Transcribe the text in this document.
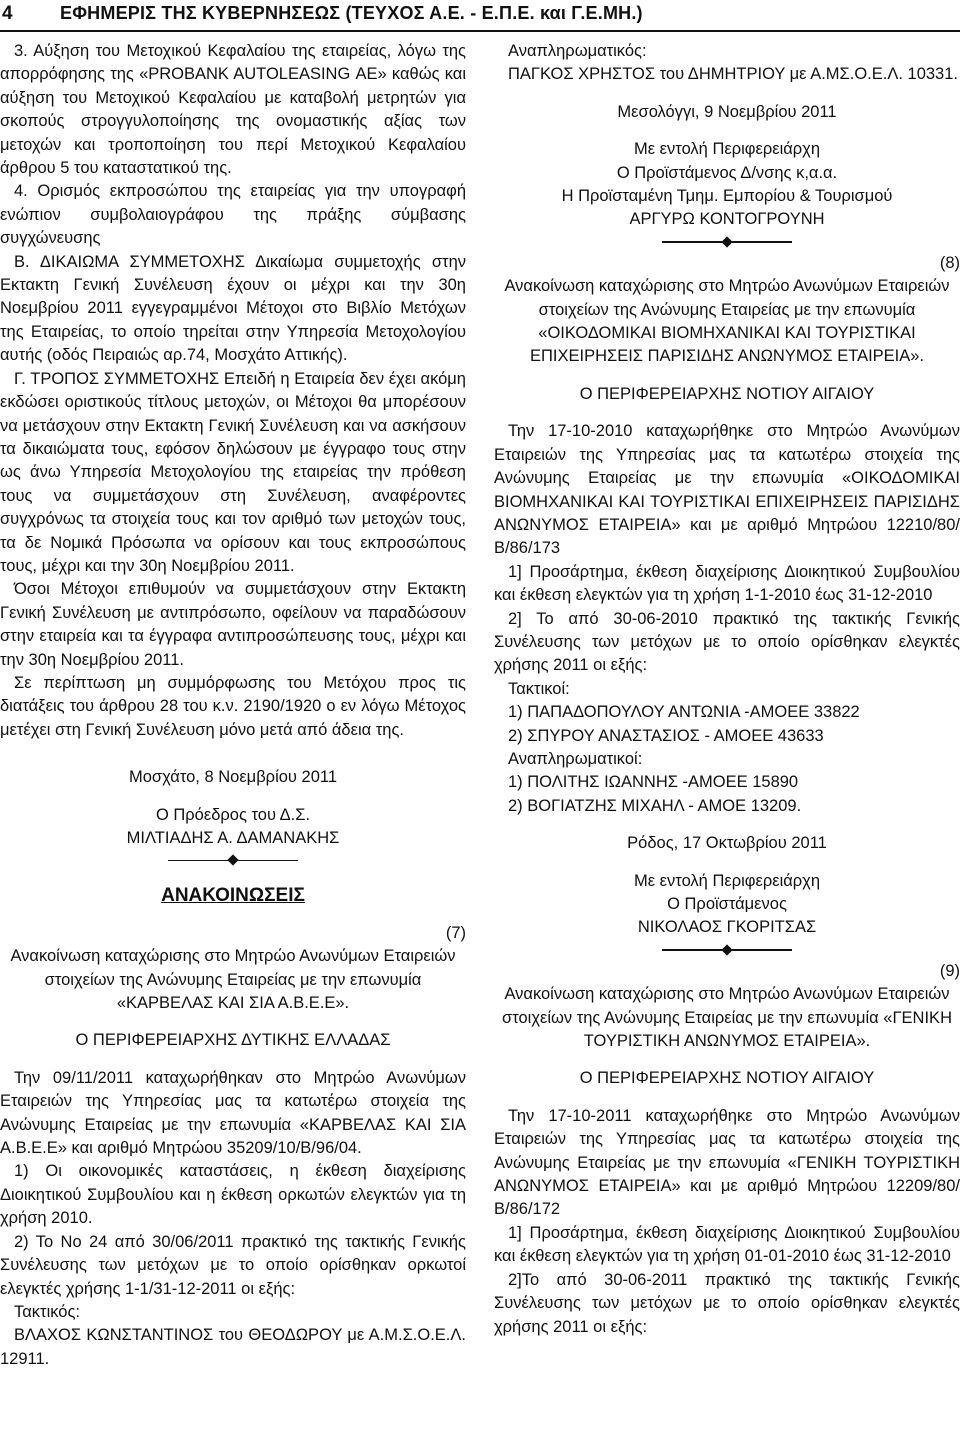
4	ΕΦΗΜΕΡΙΣ ΤΗΣ ΚΥΒΕΡΝΗΣΕΩΣ (ΤΕΥΧΟΣ Α.Ε. - Ε.Π.Ε. και Γ.Ε.ΜΗ.)

3. Αύξηση του Μετοχικού Κεφαλαίου της εταιρείας, λόγω της απορρόφησης της «PROBANK AUTOLEASING ΑΕ» καθώς και αύξηση του Μετοχικού Κεφαλαίου με καταβολή μετρητών για σκοπούς στρογγυλοποίησης της ονομαστικής αξίας των μετοχών και τροποποίηση του περί Μετοχικού Κεφαλαίου άρθρου 5 του καταστατικού της.

4. Ορισμός εκπροσώπου της εταιρείας για την υπογραφή ενώπιον συμβολαιογράφου της πράξης σύμβασης συγχώνευσης

Β. ΔΙΚΑΙΩΜΑ ΣΥΜΜΕΤΟΧΗΣ Δικαίωμα συμμετοχής στην Εκτακτη Γενική Συνέλευση έχουν οι μέχρι και την 30η Νοεμβρίου 2011 εγγεγραμμένοι Μέτοχοι στο Βιβλίο Μετόχων της Εταιρείας, το οποίο τηρείται στην Υπηρεσία Μετοχολογίου αυτής (οδός Πειραιώς αρ.74, Μοσχάτο Αττικής).

Γ. ΤΡΟΠΟΣ ΣΥΜΜΕΤΟΧΗΣ Επειδή η Εταιρεία δεν έχει ακόμη εκδώσει οριστικούς τίτλους μετοχών, οι Μέτοχοι θα μπορέσουν να μετάσχουν στην Εκτακτη Γενική Συνέλευση και να ασκήσουν τα δικαιώματα τους, εφόσον δηλώσουν με έγγραφο τους στην ως άνω Υπηρεσία Μετοχολογίου της εταιρείας την πρόθεση τους να συμμετάσχουν στη Συνέλευση, αναφέροντες συγχρόνως τα στοιχεία τους και τον αριθμό των μετοχών τους, τα δε Νομικά Πρόσωπα να ορίσουν και τους εκπροσώπους τους, μέχρι και την 30η Νοεμβρίου 2011.

Όσοι Μέτοχοι επιθυμούν να συμμετάσχουν στην Εκτακτη Γενική Συνέλευση με αντιπρόσωπο, οφείλουν να παραδώσουν στην εταιρεία και τα έγγραφα αντιπροσώπευσης τους, μέχρι και την 30η Νοεμβρίου 2011.

Σε περίπτωση μη συμμόρφωσης του Μετόχου προς τις διατάξεις του άρθρου 28 του κ.ν. 2190/1920 ο εν λόγω Μέτοχος μετέχει στη Γενική Συνέλευση μόνο μετά από άδεια της.

Μοσχάτο, 8 Νοεμβρίου 2011

Ο Πρόεδρος του Δ.Σ.

ΜΙΛΤΙΑΔΗΣ Α. ΔΑΜΑΝΑΚΗΣ

ΑΝΑΚΟΙΝΩΣΕΙΣ

(7)

Ανακοίνωση καταχώρισης στο Μητρώο Ανωνύμων Εταιρειών στοιχείων της Ανώνυμης Εταιρείας με την επωνυμία «ΚΑΡΒΕΛΑΣ ΚΑΙ ΣΙΑ Α.Β.Ε.Ε».

Ο ΠΕΡΙΦΕΡΕΙΑΡΧΗΣ ΔΥΤΙΚΗΣ ΕΛΛΑΔΑΣ

Την 09/11/2011 καταχωρήθηκαν στο Μητρώο Ανωνύμων Εταιρειών της Υπηρεσίας μας τα κατωτέρω στοιχεία της Ανώνυμης Εταιρείας με την επωνυμία «ΚΑΡΒΕΛΑΣ ΚΑΙ ΣΙΑ Α.Β.Ε.Ε» και αριθμό Μητρώου 35209/10/Β/96/04.

1) Οι οικονομικές καταστάσεις, η έκθεση διαχείρισης Διοικητικού Συμβουλίου και η έκθεση ορκωτών ελεγκτών για τη χρήση 2010.

2) Το Νο 24 από 30/06/2011 πρακτικό της τακτικής Γενικής Συνέλευσης των μετόχων με το οποίο ορίσθηκαν ορκωτοί ελεγκτές χρήσης 1-1/31-12-2011 οι εξής:

Τακτικός:

ΒΛΑΧΟΣ ΚΩΝΣΤΑΝΤΙΝΟΣ του ΘΕΟΔΩΡΟΥ με Α.Μ.Σ.Ο.Ε.Λ. 12911.

Αναπληρωματικός:

ΠΑΓΚΟΣ ΧΡΗΣΤΟΣ του ΔΗΜΗΤΡΙΟΥ με Α.ΜΣ.Ο.Ε.Λ. 10331.

Μεσολόγγι, 9 Νοεμβρίου 2011

Με εντολή Περιφερειάρχη

Ο Προϊστάμενος Δ/νσης κ,α.α.

Η Προϊσταμένη Τμημ. Εμπορίου & Τουρισμού

ΑΡΓΥΡΩ ΚΟΝΤΟΓΡΟΥΝΗ

(8)

Ανακοίνωση καταχώρισης στο Μητρώο Ανωνύμων Εταιρειών στοιχείων της Ανώνυμης Εταιρείας με την επωνυμία «ΟΙΚΟΔΟΜΙΚΑΙ ΒΙΟΜΗΧΑΝΙΚΑΙ ΚΑΙ ΤΟΥΡΙΣΤΙΚΑΙ ΕΠΙΧΕΙΡΗΣΕΙΣ ΠΑΡΙΣΙΔΗΣ ΑΝΩΝΥΜΟΣ ΕΤΑΙΡΕΙΑ».

Ο ΠΕΡΙΦΕΡΕΙΑΡΧΗΣ ΝΟΤΙΟΥ ΑΙΓΑΙΟΥ

Την 17-10-2010 καταχωρήθηκε στο Μητρώο Ανωνύμων Εταιρειών της Υπηρεσίας μας τα κατωτέρω στοιχεία της Ανώνυμης Εταιρείας με την επωνυμία «ΟΙΚΟΔΟΜΙΚΑΙ ΒΙΟΜΗΧΑΝΙΚΑΙ ΚΑΙ ΤΟΥΡΙΣΤΙΚΑΙ ΕΠΙΧΕΙΡΗΣΕΙΣ ΠΑΡΙΣΙΔΗΣ ΑΝΩΝΥΜΟΣ ΕΤΑΙΡΕΙΑ» και με αριθμό Μητρώου 12210/80/Β/86/173

1] Προσάρτημα, έκθεση διαχείρισης Διοικητικού Συμβουλίου και έκθεση ελεγκτών για τη χρήση 1-1-2010 έως 31-12-2010

2] Το από 30-06-2010 πρακτικό της τακτικής Γενικής Συνέλευσης των μετόχων με το οποίο ορίσθηκαν ελεγκτές χρήσης 2011 οι εξής:

Τακτικοί:

1) ΠΑΠΑΔΟΠΟΥΛΟΥ ΑΝΤΩΝΙΑ -ΑΜΟΕΕ 33822

2) ΣΠΥΡΟΥ ΑΝΑΣΤΑΣΙΟΣ - ΑΜΟΕΕ 43633

Αναπληρωματικοί:

1) ΠΟΛΙΤΗΣ ΙΩΑΝΝΗΣ -ΑΜΟΕΕ 15890

2) ΒΟΓΙΑΤΖΗΣ ΜΙΧΑΗΛ - ΑΜΟΕ 13209.

Ρόδος, 17 Οκτωβρίου 2011

Με εντολή Περιφερειάρχη

Ο Προϊστάμενος

ΝΙΚΟΛΑΟΣ ΓΚΟΡΙΤΣΑΣ

(9)

Ανακοίνωση καταχώρισης στο Μητρώο Ανωνύμων Εταιρειών στοιχείων της Ανώνυμης Εταιρείας με την επωνυμία «ΓΕΝΙΚΗ ΤΟΥΡΙΣΤΙΚΗ ΑΝΩΝΥΜΟΣ ΕΤΑΙΡΕΙΑ».

Ο ΠΕΡΙΦΕΡΕΙΑΡΧΗΣ ΝΟΤΙΟΥ ΑΙΓΑΙΟΥ

Την 17-10-2011 καταχωρήθηκε στο Μητρώο Ανωνύμων Εταιρειών της Υπηρεσίας μας τα κατωτέρω στοιχεία της Ανώνυμης Εταιρείας με την επωνυμία «ΓΕΝΙΚΗ ΤΟΥΡΙΣΤΙΚΗ ΑΝΩΝΥΜΟΣ ΕΤΑΙΡΕΙΑ» και με αριθμό Μητρώου 12209/80/Β/86/172

1] Προσάρτημα, έκθεση διαχείρισης Διοικητικού Συμβουλίου και έκθεση ελεγκτών για τη χρήση 01-01-2010 έως 31-12-2010

2]Το από 30-06-2011 πρακτικό της τακτικής Γενικής Συνέλευσης των μετόχων με το οποίο ορίσθηκαν ελεγκτές χρήσης 2011 οι εξής:
